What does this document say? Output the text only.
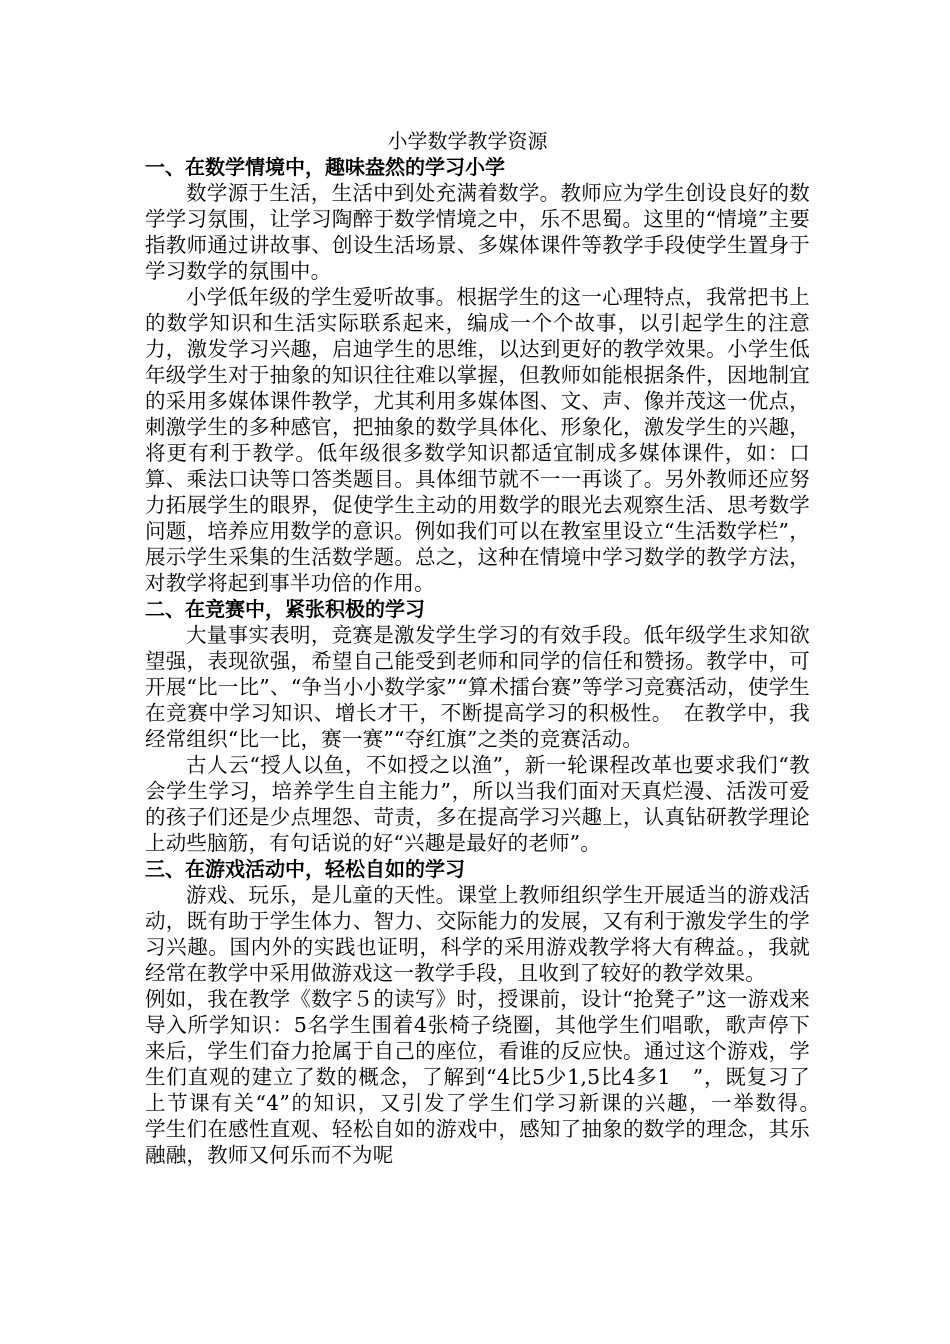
小学数学教学资源

一、在数学情境中，趣味盎然的学习小学

数学源于生活，生活中到处充满着数学。教师应为学生创设良好的数学学习氛围，让学习陶醉于数学情境之中，乐不思蜀。这里的“情境”主要指教师通过讲故事、创设生活场景、多媒体课件等教学手段使学生置身于学习数学的氛围中。

小学低年级的学生爱听故事。根据学生的这一心理特点，我常把书上的数学知识和生活实际联系起来，编成一个个故事，以引起学生的注意力，激发学习兴趣，启迪学生的思维，以达到更好的教学效果。小学生低年级学生对于抽象的知识往往难以掌握，但教师如能根据条件，因地制宜的采用多媒体课件教学，尤其利用多媒体图、文、声、像并茂这一优点，刺激学生的多种感官，把抽象的数学具体化、形象化，激发学生的兴趣，将更有利于教学。低年级很多数学知识都适宜制成多媒体课件，如：口算、乘法口诀等口答类题目。具体细节就不一一再谈了。另外教师还应努力拓展学生的眼界，促使学生主动的用数学的眼光去观察生活、思考数学问题，培养应用数学的意识。例如我们可以在教室里设立“生活数学栏”，展示学生采集的生活数学题。总之，这种在情境中学习数学的教学方法，对教学将起到事半功倍的作用。

二、在竞赛中，紧张积极的学习

大量事实表明，竞赛是激发学生学习的有效手段。低年级学生求知欲望强，表现欲强，希望自己能受到老师和同学的信任和赞扬。教学中，可开展“比一比”、“争当小小数学家”“算术擂台赛”等学习竞赛活动，使学生在竞赛中学习知识、增长才干，不断提高学习的积极性。　在教学中，我经常组织“比一比，赛一赛”“夺红旗”之类的竞赛活动。

古人云“授人以鱼，不如授之以渔”，新一轮课程改革也要求我们“教会学生学习，培养学生自主能力”，所以当我们面对天真烂漫、活泼可爱的孩子们还是少点埋怨、苛责，多在提高学习兴趣上，认真钻研教学理论上动些脑筋，有句话说的好“兴趣是最好的老师”。

三、在游戏活动中，轻松自如的学习

游戏、玩乐，是儿童的天性。课堂上教师组织学生开展适当的游戏活动，既有助于学生体力、智力、交际能力的发展，又有利于激发学生的学习兴趣。国内外的实践也证明，科学的采用游戏教学将大有稗益。，我就经常在教学中采用做游戏这一教学手段，且收到了较好的教学效果。

例如，我在教学《数字５的读写》时，授课前，设计“抢凳子”这一游戏来导入所学知识：5名学生围着4张椅子绕圈，其他学生们唱歌，歌声停下来后，学生们奋力抢属于自己的座位，看谁的反应快。通过这个游戏，学生们直观的建立了数的概念，了解到“4比5少1,5比4多1　”，既复习了上节课有关“4”的知识，又引发了学生们学习新课的兴趣，一举数得。　学生们在感性直观、轻松自如的游戏中，感知了抽象的数学的理念，其乐融融，教师又何乐而不为呢
